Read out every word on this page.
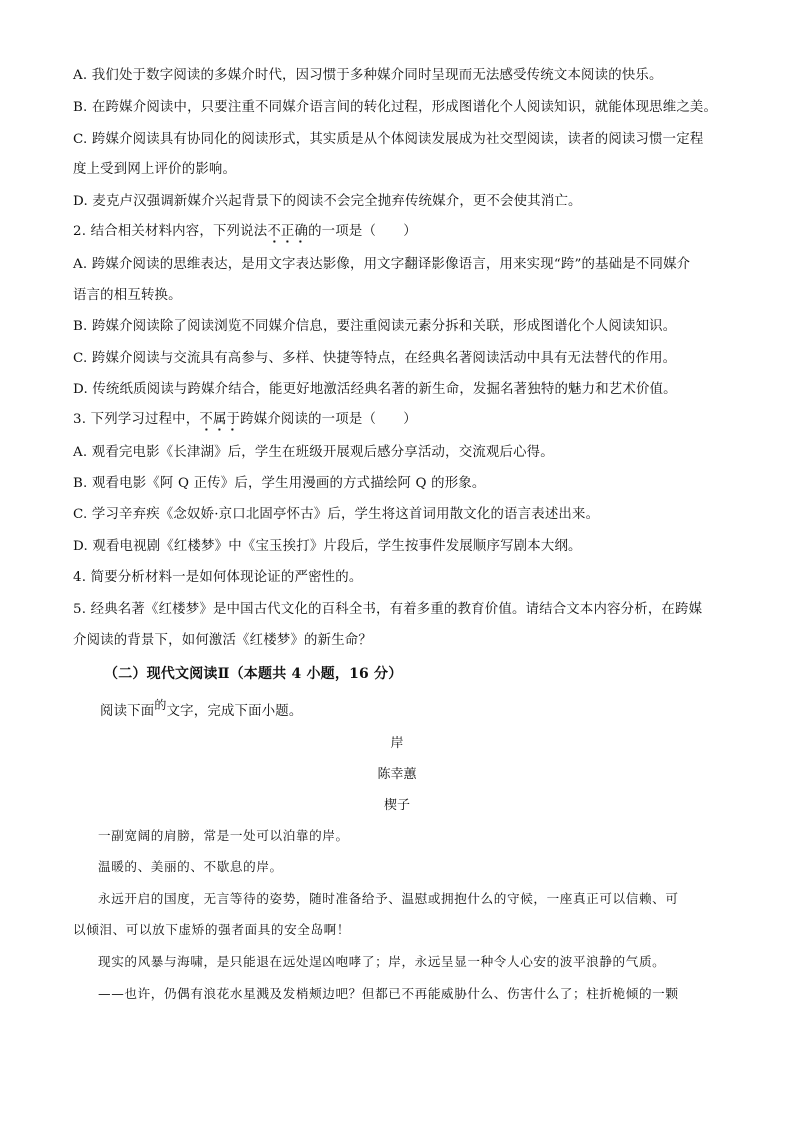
A. 我们处于数字阅读的多媒介时代，因习惯于多种媒介同时呈现而无法感受传统文本阅读的快乐。
B. 在跨媒介阅读中，只要注重不同媒介语言间的转化过程，形成图谱化个人阅读知识，就能体现思维之美。
C. 跨媒介阅读具有协同化的阅读形式，其实质是从个体阅读发展成为社交型阅读，读者的阅读习惯一定程
度上受到网上评价的影响。
D. 麦克卢汉强调新媒介兴起背景下的阅读不会完全抛弃传统媒介，更不会使其消亡。
2. 结合相关材料内容，下列说法不正确的一项是（　　）
A. 跨媒介阅读的思维表达，是用文字表达影像，用文字翻译影像语言，用来实现“跨”的基础是不同媒介
语言的相互转换。
B. 跨媒介阅读除了阅读浏览不同媒介信息，要注重阅读元素分拆和关联，形成图谱化个人阅读知识。
C. 跨媒介阅读与交流具有高参与、多样、快捷等特点，在经典名著阅读活动中具有无法替代的作用。
D. 传统纸质阅读与跨媒介结合，能更好地激活经典名著的新生命，发掘名著独特的魅力和艺术价值。
3. 下列学习过程中，不属于跨媒介阅读的一项是（　　）
A. 观看完电影《长津湖》后，学生在班级开展观后感分享活动，交流观后心得。
B. 观看电影《阿 Q 正传》后，学生用漫画的方式描绘阿 Q 的形象。
C. 学习辛弃疾《念奴娇·京口北固亭怀古》后，学生将这首词用散文化的语言表述出来。
D. 观看电视剧《红楼梦》中《宝玉挨打》片段后，学生按事件发展顺序写剧本大纲。
4. 简要分析材料一是如何体现论证的严密性的。
5. 经典名著《红楼梦》是中国古代文化的百科全书，有着多重的教育价值。请结合文本内容分析，在跨媒
介阅读的背景下，如何激活《红楼梦》的新生命？
（二）现代文阅读Ⅱ（本题共 4 小题，16 分）
阅读下面的文字，完成下面小题。
岸
陈幸蕙
楔子
一副宽阔的肩膀，常是一处可以泊靠的岸。
温暖的、美丽的、不歇息的岸。
永远开启的国度，无言等待的姿势，随时准备给予、温慰或拥抱什么的守候，一座真正可以信赖、可
以倾泪、可以放下虚矫的强者面具的安全岛啊！
现实的风暴与海啸，是只能退在远处逞凶咆哮了；岸，永远呈显一种令人心安的波平浪静的气质。
——也许，仍偶有浪花水星溅及发梢颊边吧？但都已不再能威胁什么、伤害什么了；柱折桅倾的一颗
